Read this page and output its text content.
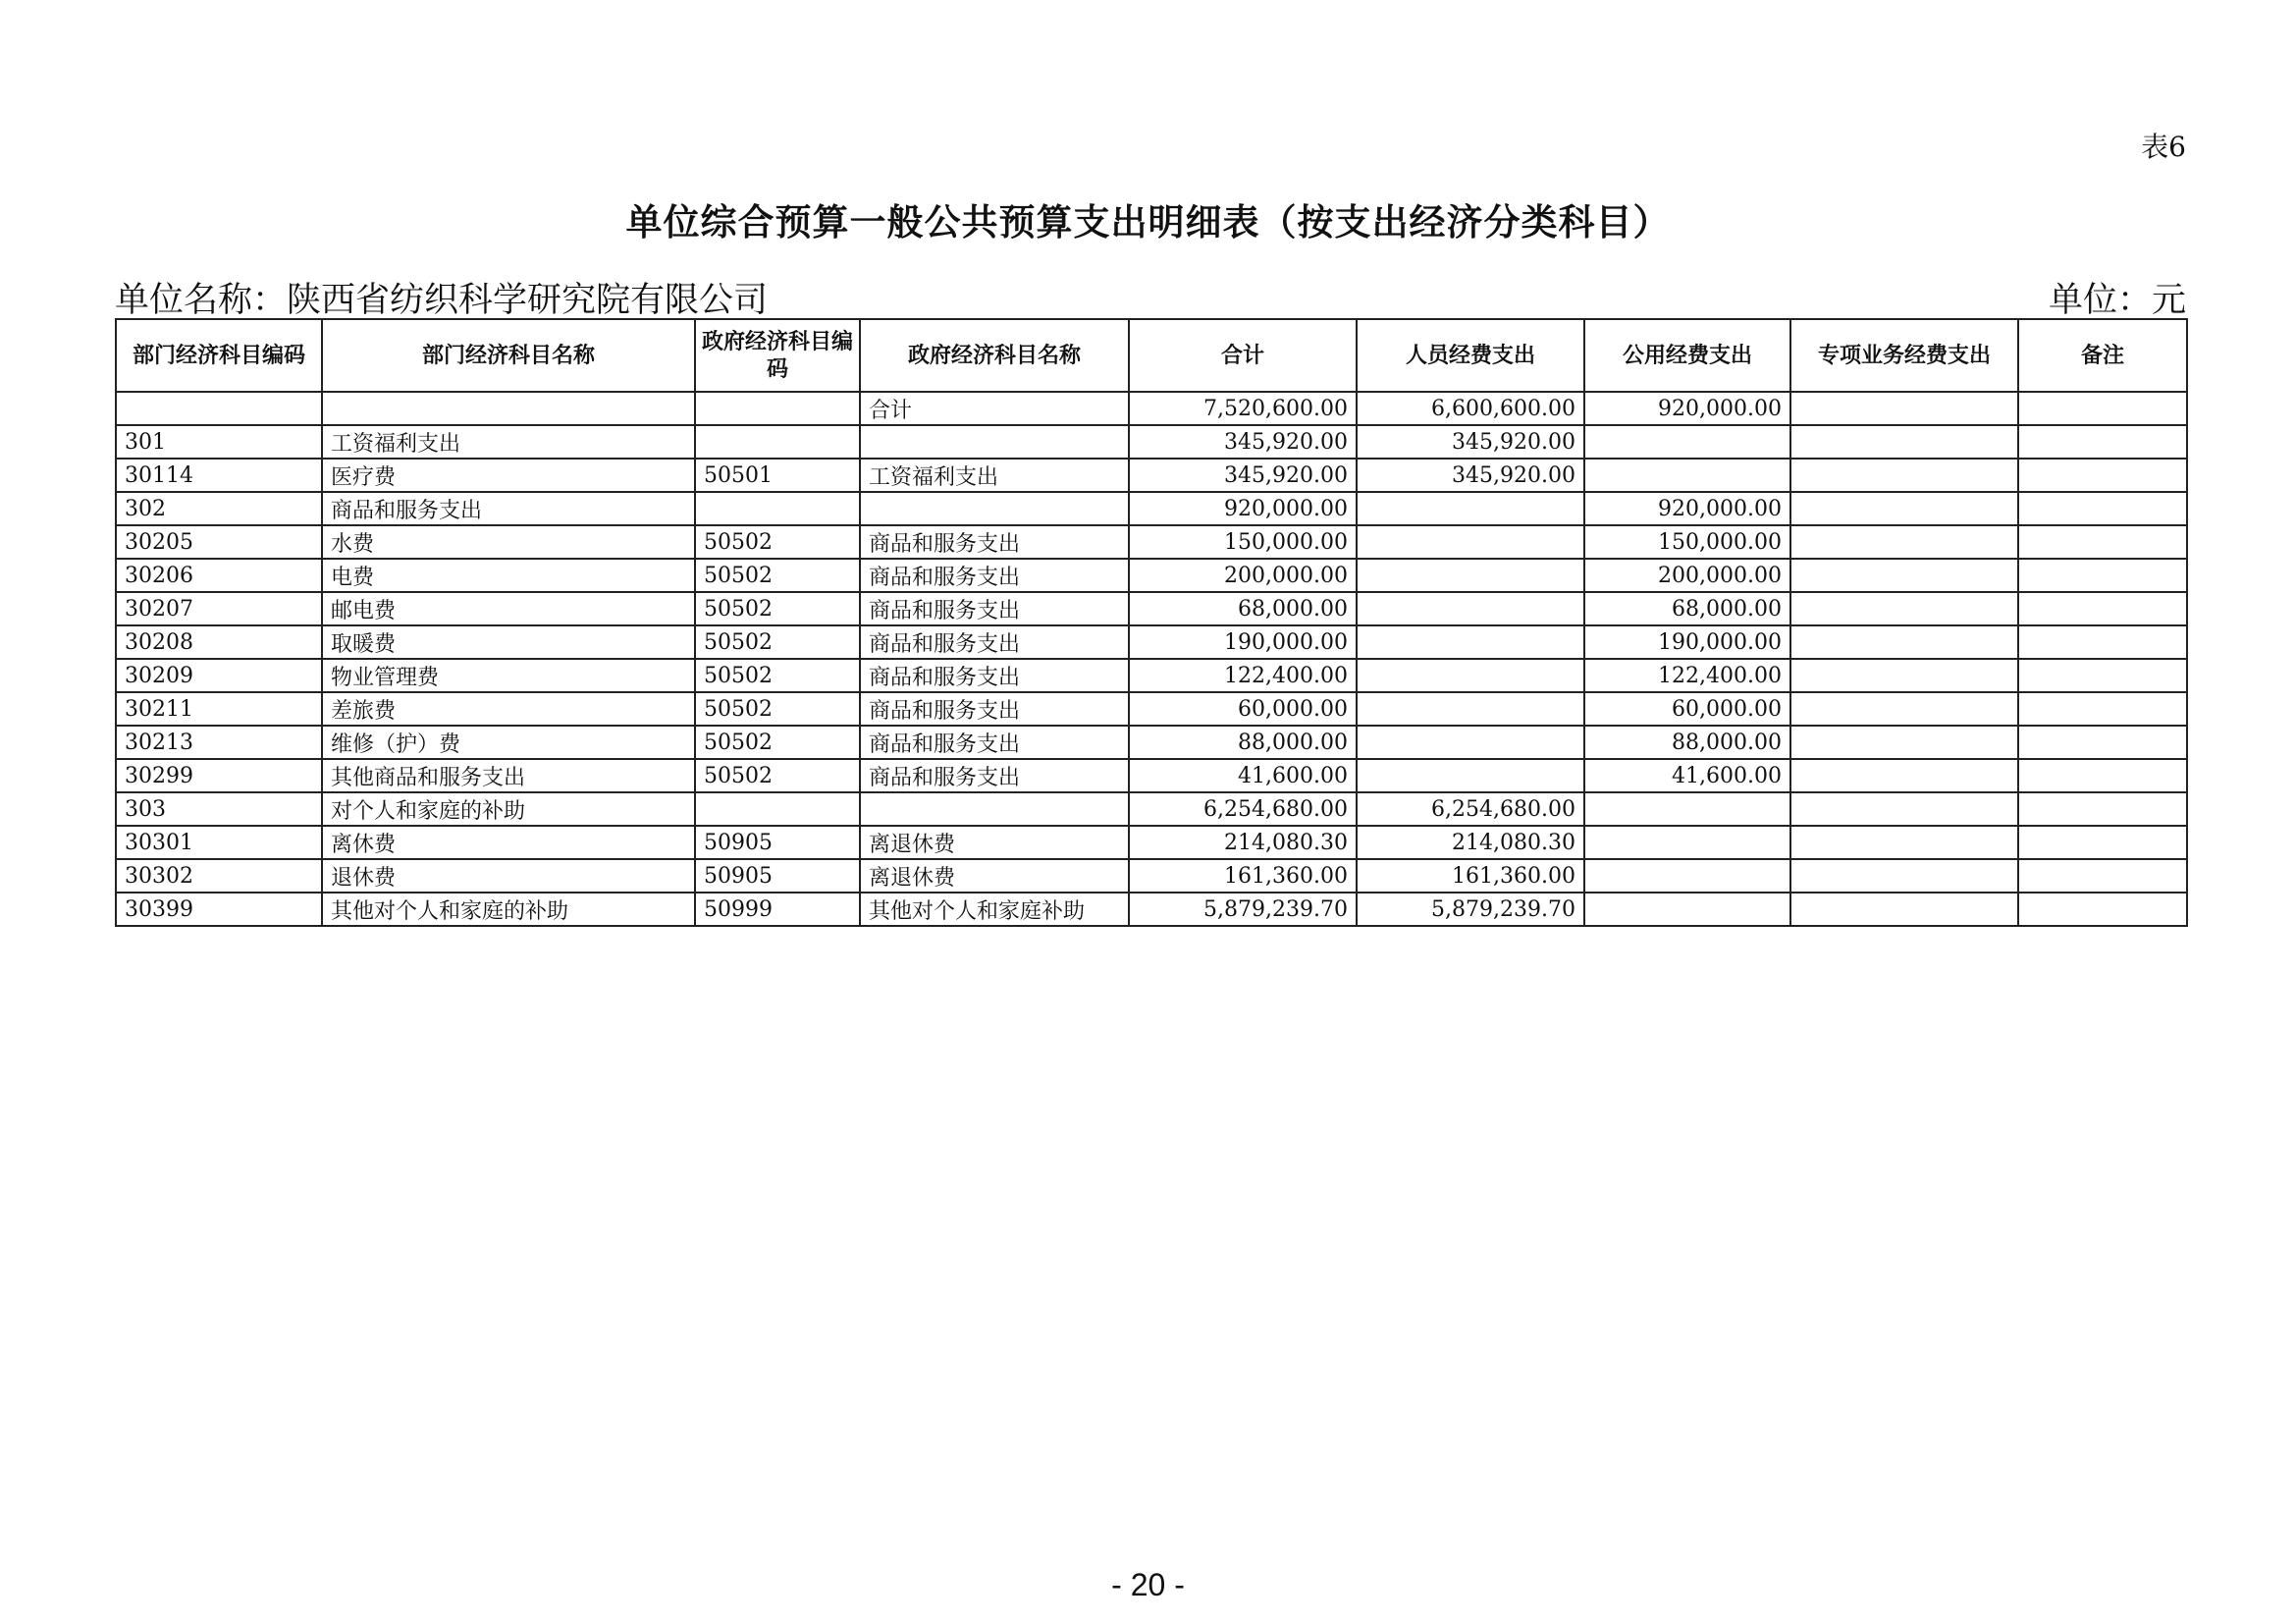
表6
单位综合预算一般公共预算支出明细表（按支出经济分类科目）
单位名称：陕西省纺织科学研究院有限公司	单位：元
部门经济科目编码	部门经济科目名称	政府经济科目编码	政府经济科目名称	合计	人员经费支出	公用经费支出	专项业务经费支出	备注
			合计	7,520,600.00	6,600,600.00	920,000.00		
301	工资福利支出			345,920.00	345,920.00			
30114	医疗费	50501	工资福利支出	345,920.00	345,920.00			
302	商品和服务支出			920,000.00		920,000.00		
30205	水费	50502	商品和服务支出	150,000.00		150,000.00		
30206	电费	50502	商品和服务支出	200,000.00		200,000.00		
30207	邮电费	50502	商品和服务支出	68,000.00		68,000.00		
30208	取暖费	50502	商品和服务支出	190,000.00		190,000.00		
30209	物业管理费	50502	商品和服务支出	122,400.00		122,400.00		
30211	差旅费	50502	商品和服务支出	60,000.00		60,000.00		
30213	维修（护）费	50502	商品和服务支出	88,000.00		88,000.00		
30299	其他商品和服务支出	50502	商品和服务支出	41,600.00		41,600.00		
303	对个人和家庭的补助			6,254,680.00	6,254,680.00			
30301	离休费	50905	离退休费	214,080.30	214,080.30			
30302	退休费	50905	离退休费	161,360.00	161,360.00			
30399	其他对个人和家庭的补助	50999	其他对个人和家庭补助	5,879,239.70	5,879,239.70			
- 20 -
